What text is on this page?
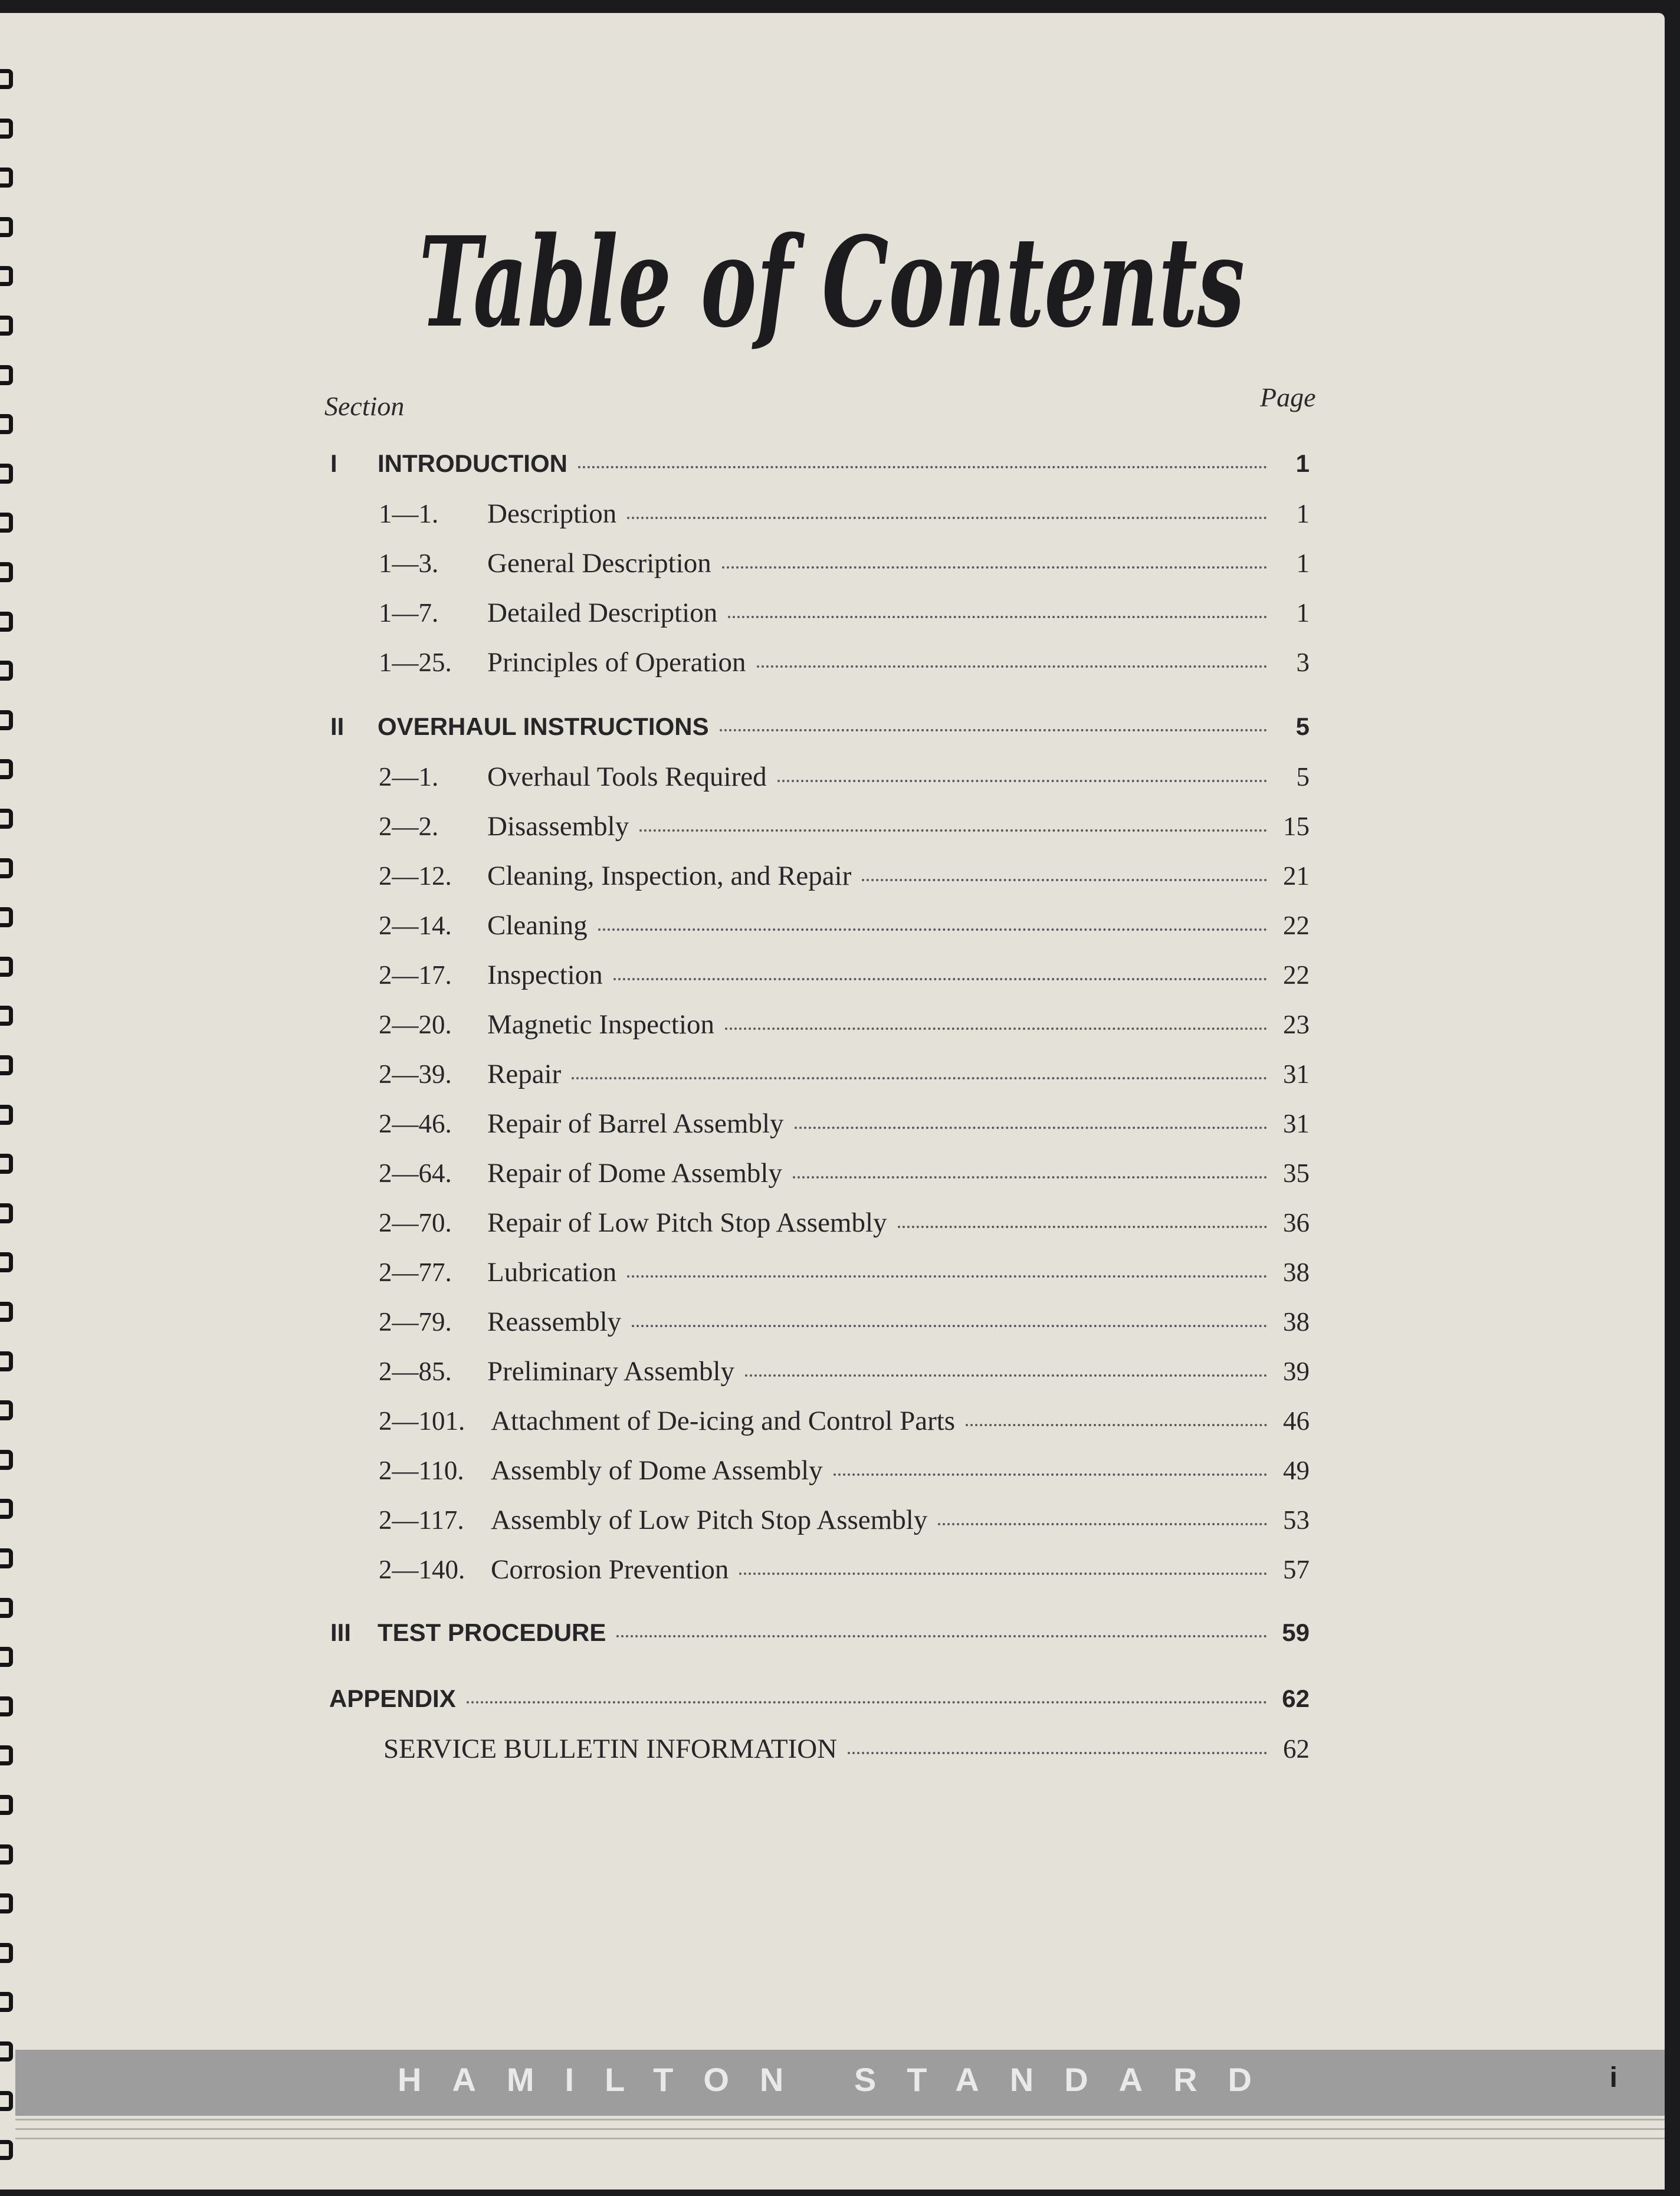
Table of Contents
Section	Page
I	INTRODUCTION	1
1—1.	Description	1
1—3.	General Description	1
1—7.	Detailed Description	1
1—25.	Principles of Operation	3
II	OVERHAUL INSTRUCTIONS	5
2—1.	Overhaul Tools Required	5
2—2.	Disassembly	15
2—12.	Cleaning, Inspection, and Repair	21
2—14.	Cleaning	22
2—17.	Inspection	22
2—20.	Magnetic Inspection	23
2—39.	Repair	31
2—46.	Repair of Barrel Assembly	31
2—64.	Repair of Dome Assembly	35
2—70.	Repair of Low Pitch Stop Assembly	36
2—77.	Lubrication	38
2—79.	Reassembly	38
2—85.	Preliminary Assembly	39
2—101. Attachment of De-icing and Control Parts	46
2—110. Assembly of Dome Assembly	49
2—117. Assembly of Low Pitch Stop Assembly	53
2—140. Corrosion Prevention	57
III	TEST PROCEDURE	59
APPENDIX	62
SERVICE BULLETIN INFORMATION	62
HAMILTON STANDARD	i
